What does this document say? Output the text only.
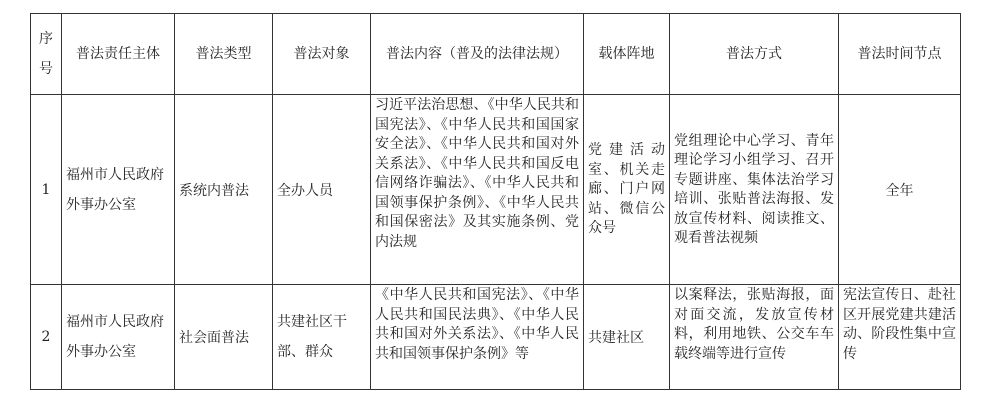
序号	普法责任主体	普法类型	普法对象	普法内容（普及的法律法规）	载体阵地	普法方式	普法时间节点
1	福州市人民政府外事办公室	系统内普法	全办人员	习近平法治思想、《中华人民共和国宪法》、《中华人民共和国国家安全法》、《中华人民共和国对外关系法》、《中华人民共和国反电信网络诈骗法》、《中华人民共和国领事保护条例》、《中华人民共和国保密法》及其实施条例、党内法规	党建活动室、机关走廊、门户网站、微信公众号	党组理论中心学习、青年理论学习小组学习、召开专题讲座、集体法治学习培训、张贴普法海报、发放宣传材料、阅读推文、观看普法视频	全年
2	福州市人民政府外事办公室	社会面普法	共建社区干部、群众	《中华人民共和国宪法》、《中华人民共和国民法典》、《中华人民共和国对外关系法》、《中华人民共和国领事保护条例》等	共建社区	以案释法，张贴海报，面对面交流，发放宣传材料，利用地铁、公交车车载终端等进行宣传	宪法宣传日、赴社区开展党建共建活动、阶段性集中宣传
